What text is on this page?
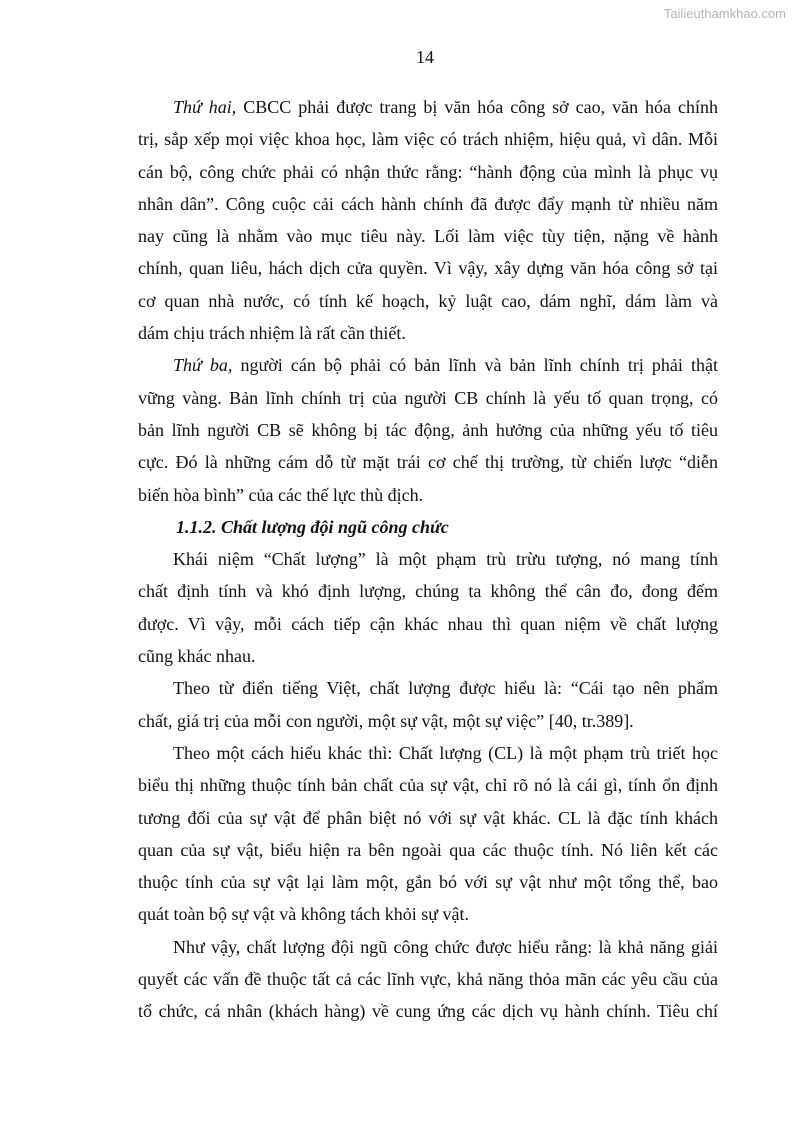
Tailieuthamkhao.com
14
Thứ hai, CBCC phải được trang bị văn hóa công sở cao, văn hóa chính
trị, sắp xếp mọi việc khoa học, làm việc có trách nhiệm, hiệu quả, vì dân. Mỗi
cán bộ, công chức phải có nhận thức rằng: “hành động của mình là phục vụ
nhân dân”. Công cuộc cải cách hành chính đã được đẩy mạnh từ nhiều năm
nay cũng là nhằm vào mục tiêu này. Lối làm việc tùy tiện, nặng về hành
chính, quan liêu, hách dịch cửa quyền. Vì vậy, xây dựng văn hóa công sở tại
cơ quan nhà nước, có tính kế hoạch, kỷ luật cao, dám nghĩ, dám làm và
dám chịu trách nhiệm là rất cần thiết.
Thứ ba, người cán bộ phải có bản lĩnh và bản lĩnh chính trị phải thật
vững vàng. Bản lĩnh chính trị của người CB chính là yếu tố quan trọng, có
bản lĩnh người CB sẽ không bị tác động, ảnh hưởng của những yếu tố tiêu
cực. Đó là những cám dỗ từ mặt trái cơ chế thị trường, từ chiến lược “diễn
biến hòa bình” của các thế lực thù địch.
1.1.2. Chất lượng đội ngũ công chức
Khái niệm “Chất lượng” là một phạm trù trừu tượng, nó mang tính
chất định tính và khó định lượng, chúng ta không thể cân đo, đong đếm
được. Vì vậy, mỗi cách tiếp cận khác nhau thì quan niệm về chất lượng
cũng khác nhau.
Theo từ điển tiếng Việt, chất lượng được hiểu là: “Cái tạo nên phẩm
chất, giá trị của mỗi con người, một sự vật, một sự việc” [40, tr.389].
Theo một cách hiểu khác thì: Chất lượng (CL) là một phạm trù triết học
biểu thị những thuộc tính bản chất của sự vật, chỉ rõ nó là cái gì, tính ổn định
tương đối của sự vật để phân biệt nó với sự vật khác. CL là đặc tính khách
quan của sự vật, biểu hiện ra bên ngoài qua các thuộc tính. Nó liên kết các
thuộc tính của sự vật lại làm một, gắn bó với sự vật như một tổng thể, bao
quát toàn bộ sự vật và không tách khỏi sự vật.
Như vậy, chất lượng đội ngũ công chức được hiểu rằng: là khả năng giải
quyết các vấn đề thuộc tất cả các lĩnh vực, khả năng thỏa mãn các yêu cầu của
tổ chức, cá nhân (khách hàng) về cung ứng các dịch vụ hành chính. Tiêu chí
